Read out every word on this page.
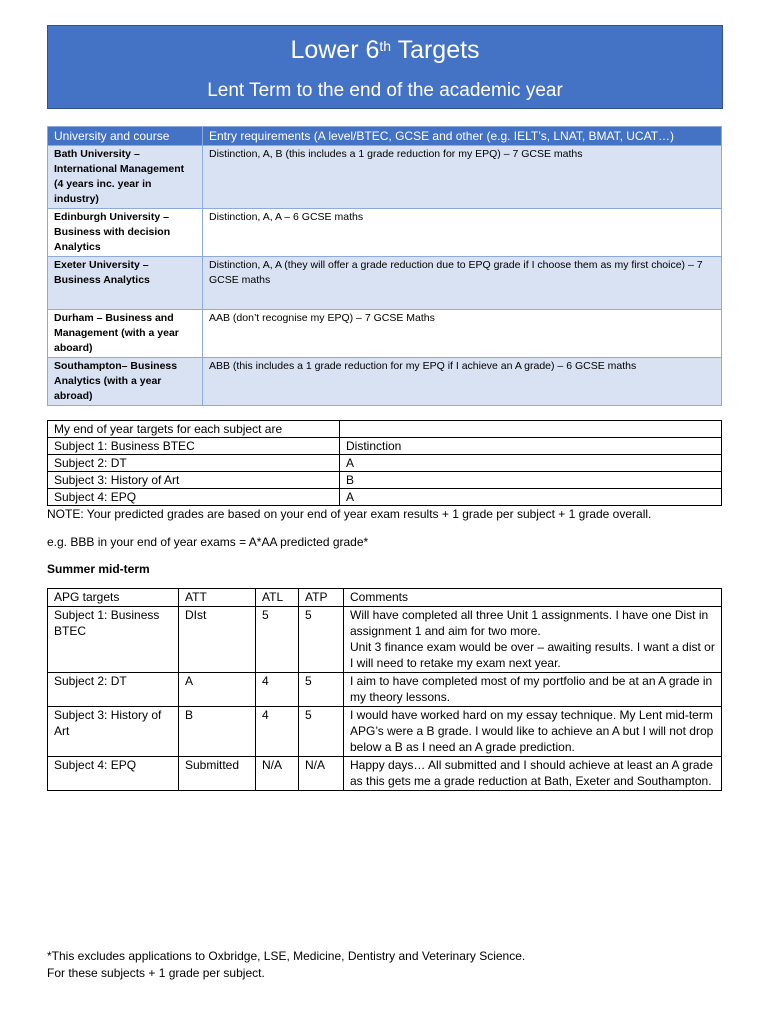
Lower 6th Targets
Lent Term to the end of the academic year
University and course	Entry requirements (A level/BTEC, GCSE and other (e.g. IELT’s, LNAT, BMAT, UCAT…)
Bath University – International Management (4 years inc. year in industry)	Distinction, A, B (this includes a 1 grade reduction for my EPQ) – 7 GCSE maths
Edinburgh University – Business with decision Analytics	Distinction, A, A – 6 GCSE maths
Exeter University – Business Analytics	Distinction, A, A (they will offer a grade reduction due to EPQ grade if I choose them as my first choice) – 7 GCSE maths
Durham – Business and Management (with a year aboard)	AAB (don’t recognise my EPQ) – 7 GCSE Maths
Southampton– Business Analytics (with a year abroad)	ABB (this includes a 1 grade reduction for my EPQ if I achieve an A grade) – 6 GCSE maths
My end of year targets for each subject are	
Subject 1: Business BTEC	Distinction
Subject 2: DT	A
Subject 3: History of Art	B
Subject 4: EPQ	A
NOTE: Your predicted grades are based on your end of year exam results + 1 grade per subject + 1 grade overall.
e.g. BBB in your end of year exams = A*AA predicted grade*
Summer mid-term
APG targets	ATT	ATL	ATP	Comments
Subject 1: Business BTEC	DIst	5	5	Will have completed all three Unit 1 assignments. I have one Dist in assignment 1 and aim for two more.
Unit 3 finance exam would be over – awaiting results. I want a dist or I will need to retake my exam next year.

Subject 2: DT	A	4	5	I aim to have completed most of my portfolio and be at an A grade in my theory lessons.
Subject 3: History of Art	B	4	5	I would have worked hard on my essay technique. My Lent mid-term APG’s were a B grade. I would like to achieve an A but I will not drop below a B as I need an A grade prediction.
Subject 4: EPQ	Submitted	N/A	N/A	Happy days… All submitted and I should achieve at least an A grade as this gets me a grade reduction at Bath, Exeter and Southampton.
*This excludes applications to Oxbridge, LSE, Medicine, Dentistry and Veterinary Science.
For these subjects + 1 grade per subject.
